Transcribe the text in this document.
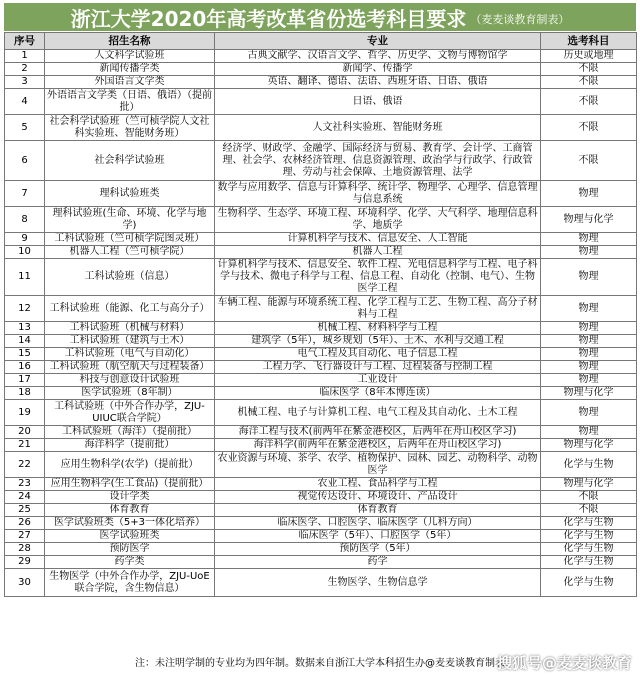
浙江大学2020年高考改革省份选考科目要求 （麦麦谈教育制表）
序号	招生名称	专业	选考科目
1	人文科学试验班	古典文献学、汉语言文学、哲学、历史学、文物与博物馆学	历史或地理
2	新闻传播学类	新闻学、传播学	不限
3	外国语言文学类	英语、翻译、德语、法语、西班牙语、日语、俄语	不限
4	外语语言文学类（日语、俄语）（提前批）	日语、俄语	不限
5	社会科学试验班（竺可桢学院人文社科实验班、智能财务班）	人文社科实验班、智能财务班	不限
6	社会科学试验班	经济学、财政学、金融学、国际经济与贸易、教育学、会计学、工商管理、社会学、农林经济管理、信息资源管理、政治学与行政学、行政管理、劳动与社会保障、土地资源管理、法学	不限
7	理科试验班类	数学与应用数学、信息与计算科学、统计学、物理学、心理学、信息管理与信息系统	物理
8	理科试验班(生命、环境、化学与地学)	生物科学、生态学、环境工程、环境科学、化学、大气科学、地理信息科学、地质学	物理与化学
9	工科试验班（竺可桢学院图灵班）	计算机科学与技术、信息安全、人工智能	物理
10	机器人工程（竺可桢学院）	机器人工程	物理
11	工科试验班（信息）	计算机科学与技术、信息安全、软件工程、光电信息科学与工程、电子科学与技术、微电子科学与工程、信息工程、自动化（控制、电气）、生物医学工程	物理
12	工科试验班（能源、化工与高分子）	车辆工程、能源与环境系统工程、化学工程与工艺、生物工程、高分子材料与工程	物理
13	工科试验班（机械与材料）	机械工程、材料科学与工程	物理
14	工科试验班（建筑与土木）	建筑学（5年），城乡规划（5年）、土木、水利与交通工程	物理
15	工科试验班（电气与自动化）	电气工程及其自动化、电子信息工程	物理
16	工科试验班（航空航天与过程装备）	工程力学、飞行器设计与工程、过程装备与控制工程	物理
17	科技与创意设计试验班	工业设计	物理
18	医学试验班（8年制）	临床医学（8年本博连读）	物理与化学
19	工科试验班（中外合作办学，ZJU-UIUC联合学院）	机械工程、电子与计算机工程、电气工程及其自动化、土木工程	物理
20	工科试验班（海洋）（提前批）	海洋工程与技术(前两年在紫金港校区，后两年在舟山校区学习)	物理
21	海洋科学（提前批）	海洋科学(前两年在紫金港校区，后两年在舟山校区学习)	物理与化学
22	应用生物科学(农学)（提前批）	农业资源与环境、茶学、农学、植物保护、园林、园艺、动物科学、动物医学	化学与生物
23	应用生物科学(生工食品)（提前批）	农业工程、食品科学与工程	物理与化学
24	设计学类	视觉传达设计、环境设计、产品设计	不限
25	体育教育	体育教育	不限
26	医学试验班类（5+3一体化培养）	临床医学、口腔医学、临床医学（儿科方向）	化学与生物
27	医学试验班类	临床医学（5年）、口腔医学（5年）	化学与生物
28	预防医学	预防医学（5年）	化学与生物
29	药学类	药学	化学与生物
30	生物医学（中外合作办学，ZJU-UoE联合学院，含生物信息）	生物医学、生物信息学	化学与生物
注：未注明学制的专业均为四年制。数据来自浙江大学本科招生办@麦麦谈教育制表
搜狐号@麦麦谈教育
